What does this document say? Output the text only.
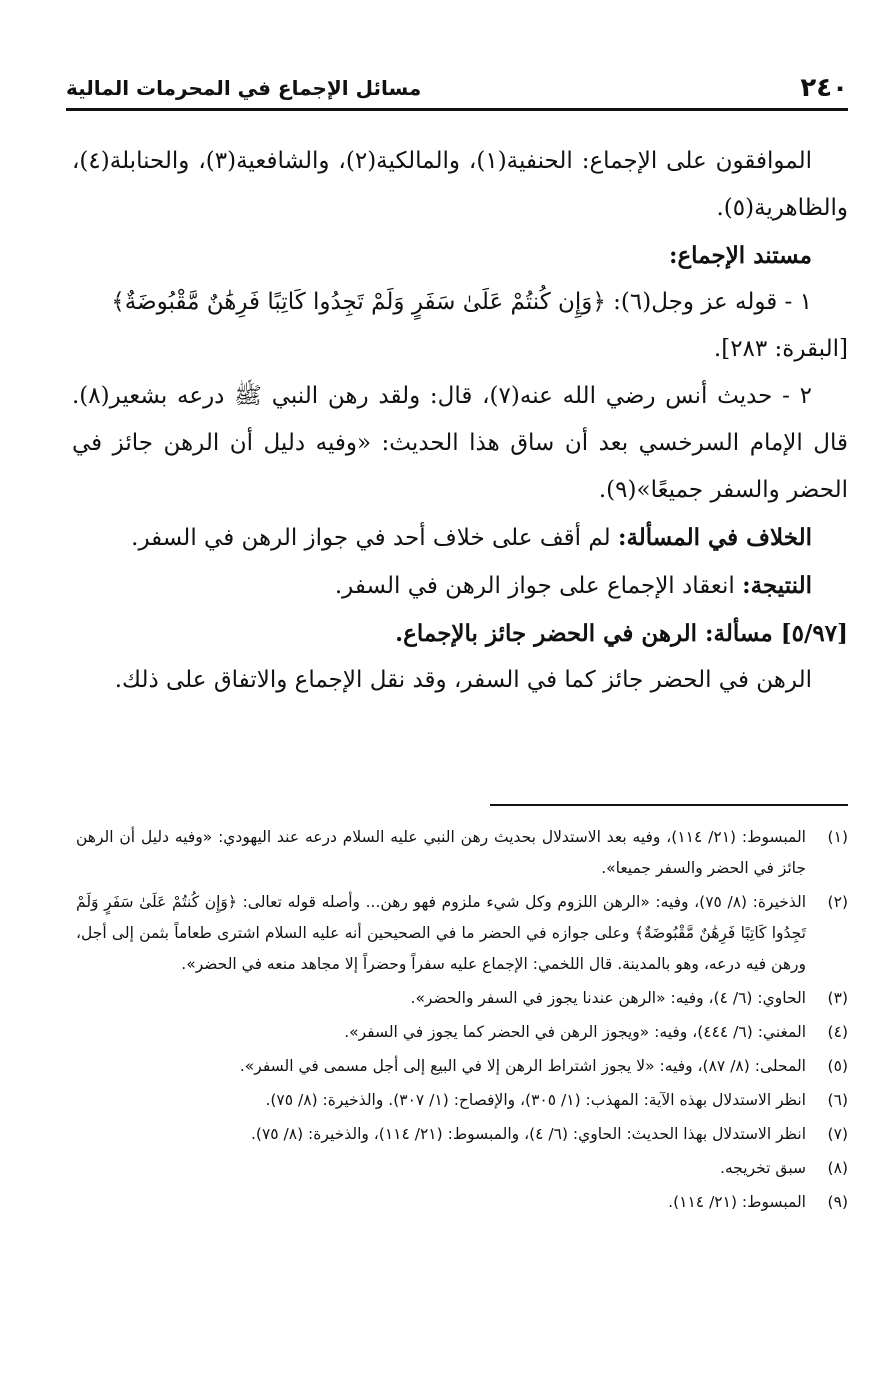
مسائل الإجماع في المحرمات المالية	٢٤٠

الموافقون على الإجماع: الحنفية(١)، والمالكية(٢)، والشافعية(٣)، والحنابلة(٤)، والظاهرية(٥).

مستند الإجماع:

١ - قوله عز وجل(٦): ﴿وَإِن كُنتُمْ عَلَىٰ سَفَرٍ وَلَمْ تَجِدُوا كَاتِبًا فَرِهَٰنٌ مَّقْبُوضَةٌ﴾

[البقرة: ٢٨٣].

٢ - حديث أنس رضي الله عنه(٧)، قال: ولقد رهن النبي ﷺ درعه بشعير(٨). قال الإمام السرخسي بعد أن ساق هذا الحديث: «وفيه دليل أن الرهن جائز في الحضر والسفر جميعًا»(٩).

الخلاف في المسألة: لم أقف على خلاف أحد في جواز الرهن في السفر.

النتيجة: انعقاد الإجماع على جواز الرهن في السفر.

[٥/٩٧] مسألة: الرهن في الحضر جائز بالإجماع.

الرهن في الحضر جائز كما في السفر، وقد نقل الإجماع والاتفاق على ذلك.

(١)
المبسوط: (٢١/ ١١٤)، وفيه بعد الاستدلال بحديث رهن النبي عليه السلام درعه عند اليهودي: «وفيه دليل أن الرهن جائز في الحضر والسفر جميعا».
(٢)
الذخيرة: (٨/ ٧٥)، وفيه: «الرهن اللزوم وكل شيء ملزوم فهو رهن... وأصله قوله تعالى: ﴿وَإِن كُنتُمْ عَلَىٰ سَفَرٍ وَلَمْ تَجِدُوا كَاتِبًا فَرِهَٰنٌ مَّقْبُوضَةٌ﴾ وعلى جوازه في الحضر ما في الصحيحين أنه عليه السلام اشترى طعاماً بثمن إلى أجل، ورهن فيه درعه، وهو بالمدينة. قال اللخمي: الإجماع عليه سفراً وحضراً إلا مجاهد منعه في الحضر».
(٣)
الحاوي: (٦/ ٤)، وفيه: «الرهن عندنا يجوز في السفر والحضر».
(٤)
المغني: (٦/ ٤٤٤)، وفيه: «ويجوز الرهن في الحضر كما يجوز في السفر».
(٥)
المحلى: (٨/ ٨٧)، وفيه: «لا يجوز اشتراط الرهن إلا في البيع إلى أجل مسمى في السفر».
(٦)
انظر الاستدلال بهذه الآية: المهذب: (١/ ٣٠٥)، والإفصاح: (١/ ٣٠٧). والذخيرة: (٨/ ٧٥).
(٧)
انظر الاستدلال بهذا الحديث: الحاوي: (٦/ ٤)، والمبسوط: (٢١/ ١١٤)، والذخيرة: (٨/ ٧٥).
(٨)
سبق تخريجه.
(٩)
المبسوط: (٢١/ ١١٤).
